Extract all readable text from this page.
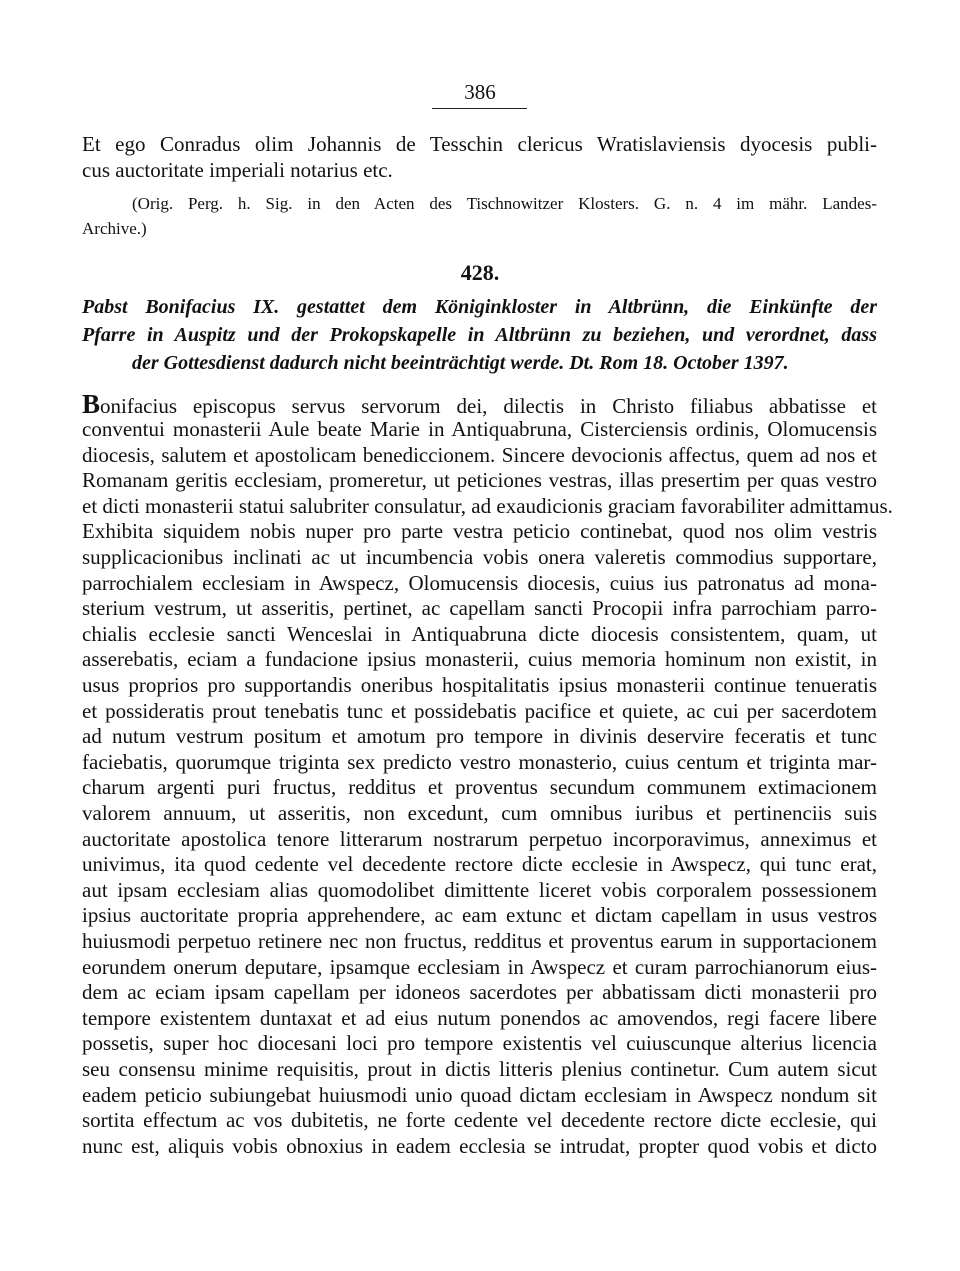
386
Et ego Conradus olim Johannis de Tesschin clericus Wratislaviensis dyocesis publi-
cus auctoritate imperiali notarius etc.
(Orig. Perg. h. Sig. in den Acten des Tischnowitzer Klosters. G. n. 4 im mähr. Landes-
Archive.)
428.
Pabst Bonifacius IX. gestattet dem Königinkloster in Altbrünn, die Einkünfte der
Pfarre in Auspitz und der Prokopskapelle in Altbrünn zu beziehen, und verordnet, dass
der Gottesdienst dadurch nicht beeinträchtigt werde. Dt. Rom 18. October 1397.
Bonifacius episcopus servus servorum dei, dilectis in Christo filiabus abbatisse et
conventui monasterii Aule beate Marie in Antiquabruna, Cisterciensis ordinis, Olomucensis
diocesis, salutem et apostolicam benediccionem. Sincere devocionis affectus, quem ad nos et
Romanam geritis ecclesiam, promeretur, ut peticiones vestras, illas presertim per quas vestro
et dicti monasterii statui salubriter consulatur, ad exaudicionis graciam favorabiliter admittamus.
Exhibita siquidem nobis nuper pro parte vestra peticio continebat, quod nos olim vestris
supplicacionibus inclinati ac ut incumbencia vobis onera valeretis commodius supportare,
parrochialem ecclesiam in Awspecz, Olomucensis diocesis, cuius ius patronatus ad mona-
sterium vestrum, ut asseritis, pertinet, ac capellam sancti Procopii infra parrochiam parro-
chialis ecclesie sancti Wenceslai in Antiquabruna dicte diocesis consistentem, quam, ut
asserebatis, eciam a fundacione ipsius monasterii, cuius memoria hominum non existit, in
usus proprios pro supportandis oneribus hospitalitatis ipsius monasterii continue tenueratis
et possideratis prout tenebatis tunc et possidebatis pacifice et quiete, ac cui per sacerdotem
ad nutum vestrum positum et amotum pro tempore in divinis deservire feceratis et tunc
faciebatis, quorumque triginta sex predicto vestro monasterio, cuius centum et triginta mar-
charum argenti puri fructus, redditus et proventus secundum communem extimacionem
valorem annuum, ut asseritis, non excedunt, cum omnibus iuribus et pertinenciis suis
auctoritate apostolica tenore litterarum nostrarum perpetuo incorporavimus, anneximus et
univimus, ita quod cedente vel decedente rectore dicte ecclesie in Awspecz, qui tunc erat,
aut ipsam ecclesiam alias quomodolibet dimittente liceret vobis corporalem possessionem
ipsius auctoritate propria apprehendere, ac eam extunc et dictam capellam in usus vestros
huiusmodi perpetuo retinere nec non fructus, redditus et proventus earum in supportacionem
eorundem onerum deputare, ipsamque ecclesiam in Awspecz et curam parrochianorum eius-
dem ac eciam ipsam capellam per idoneos sacerdotes per abbatissam dicti monasterii pro
tempore existentem duntaxat et ad eius nutum ponendos ac amovendos, regi facere libere
possetis, super hoc diocesani loci pro tempore existentis vel cuiuscunque alterius licencia
seu consensu minime requisitis, prout in dictis litteris plenius continetur. Cum autem sicut
eadem peticio subiungebat huiusmodi unio quoad dictam ecclesiam in Awspecz nondum sit
sortita effectum ac vos dubitetis, ne forte cedente vel decedente rectore dicte ecclesie, qui
nunc est, aliquis vobis obnoxius in eadem ecclesia se intrudat, propter quod vobis et dicto
